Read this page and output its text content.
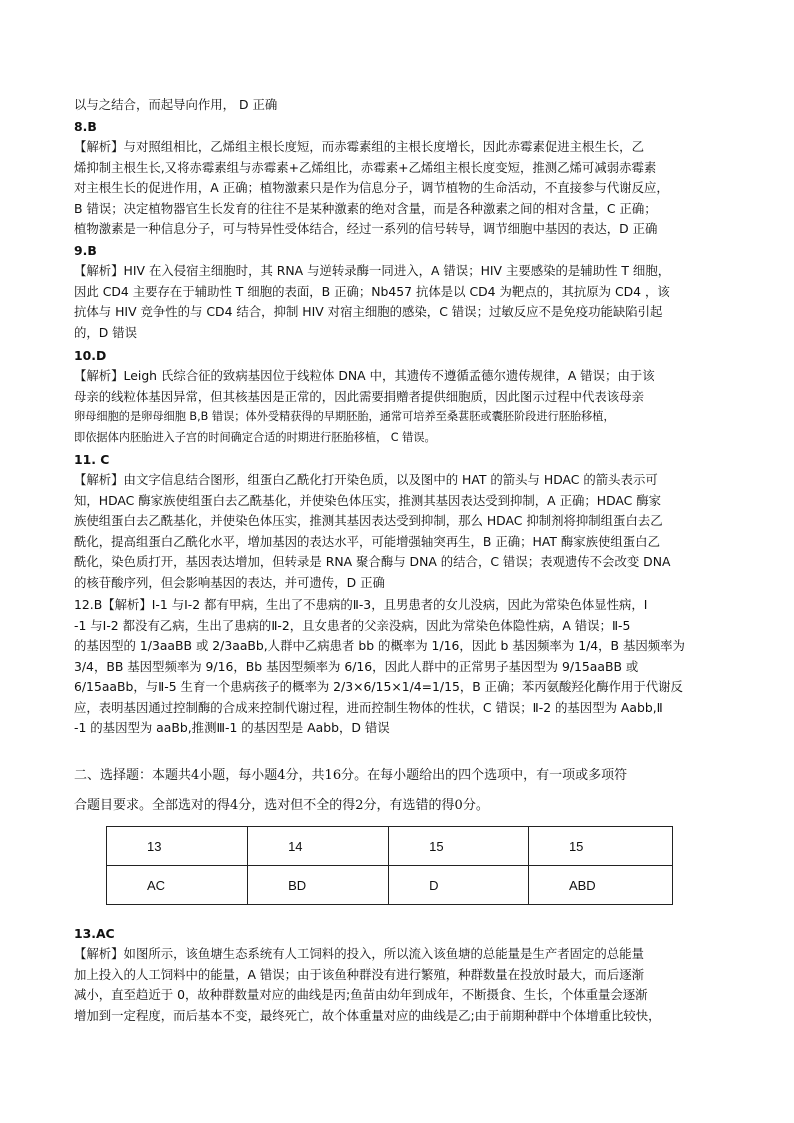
以与之结合，而起导向作用， D 正确
8.B
【解析】与对照组相比，乙烯组主根长度短，而赤霉素组的主根长度增长，因此赤霉素促进主根生长，乙
烯抑制主根生长,又将赤霉素组与赤霉素+乙烯组比，赤霉素+乙烯组主根长度变短，推测乙烯可减弱赤霉素
对主根生长的促进作用，A 正确；植物激素只是作为信息分子，调节植物的生命活动，不直接参与代谢反应，
B 错误；决定植物器官生长发育的往往不是某种激素的绝对含量，而是各种激素之间的相对含量，C 正确；
植物激素是一种信息分子，可与特异性受体结合，经过一系列的信号转导，调节细胞中基因的表达，D 正确
9.B
【解析】HIV 在入侵宿主细胞时，其 RNA 与逆转录酶一同进入，A 错误；HIV 主要感染的是辅助性 T 细胞，
因此 CD4 主要存在于辅助性 T 细胞的表面，B 正确；Nb457 抗体是以 CD4 为靶点的，其抗原为 CD4 ，该
抗体与 HIV 竞争性的与 CD4 结合，抑制 HIV 对宿主细胞的感染，C 错误；过敏反应不是免疫功能缺陷引起
的，D 错误
10.D
【解析】Leigh 氏综合征的致病基因位于线粒体 DNA 中，其遗传不遵循孟德尔遗传规律，A 错误；由于该
母亲的线粒体基因异常，但其核基因是正常的，因此需要捐赠者提供细胞质，因此图示过程中代表该母亲
卵母细胞的是卵母细胞 B,B 错误；体外受精获得的早期胚胎，通常可培养至桑葚胚或囊胚阶段进行胚胎移植，
即依据体内胚胎进入子宫的时间确定合适的时期进行胚胎移植， C 错误。
11. C
【解析】由文字信息结合图形，组蛋白乙酰化打开染色质，以及图中的 HAT 的箭头与 HDAC 的箭头表示可
知，HDAC 酶家族使组蛋白去乙酰基化，并使染色体压实，推测其基因表达受到抑制，A 正确；HDAC 酶家
族使组蛋白去乙酰基化，并使染色体压实，推测其基因表达受到抑制，那么 HDAC 抑制剂将抑制组蛋白去乙
酰化，提高组蛋白乙酰化水平，增加基因的表达水平，可能增强轴突再生，B 正确；HAT 酶家族使组蛋白乙
酰化，染色质打开，基因表达增加，但转录是 RNA 聚合酶与 DNA 的结合，C 错误；表观遗传不会改变 DNA
的核苷酸序列，但会影响基因的表达，并可遗传，D 正确
12.B【解析】Ⅰ-1 与Ⅰ-2 都有甲病，生出了不患病的Ⅱ-3，且男患者的女儿没病，因此为常染色体显性病，Ⅰ
-1 与Ⅰ-2 都没有乙病，生出了患病的Ⅱ-2，且女患者的父亲没病，因此为常染色体隐性病，A 错误；Ⅱ-5
的基因型的 1/3aaBB 或 2/3aaBb,人群中乙病患者 bb 的概率为 1/16，因此 b 基因频率为 1/4，B 基因频率为
3/4，BB 基因型频率为 9/16，Bb 基因型频率为 6/16，因此人群中的正常男子基因型为 9/15aaBB 或
6/15aaBb，与Ⅱ-5 生育一个患病孩子的概率为 2/3×6/15×1/4=1/15，B 正确；苯丙氨酸羟化酶作用于代谢反
应，表明基因通过控制酶的合成来控制代谢过程，进而控制生物体的性状，C 错误；Ⅱ-2 的基因型为 Aabb,Ⅱ
-1 的基因型为 aaBb,推测Ⅲ-1 的基因型是 Aabb，D 错误
二、选择题：本题共4小题，每小题4分，共16分。在每小题给出的四个选项中，有一项或多项符
合题目要求。全部选对的得4分，选对但不全的得2分，有选错的得0分。
13	14	15	15
AC	BD	D	ABD
13.AC
【解析】如图所示，该鱼塘生态系统有人工饲料的投入，所以流入该鱼塘的总能量是生产者固定的总能量
加上投入的人工饲料中的能量，A 错误；由于该鱼种群没有进行繁殖，种群数量在投放时最大，而后逐渐
减小，直至趋近于 0，故种群数量对应的曲线是丙;鱼苗由幼年到成年，不断摄食、生长，个体重量会逐渐
增加到一定程度，而后基本不变，最终死亡，故个体重量对应的曲线是乙;由于前期种群中个体增重比较快，
